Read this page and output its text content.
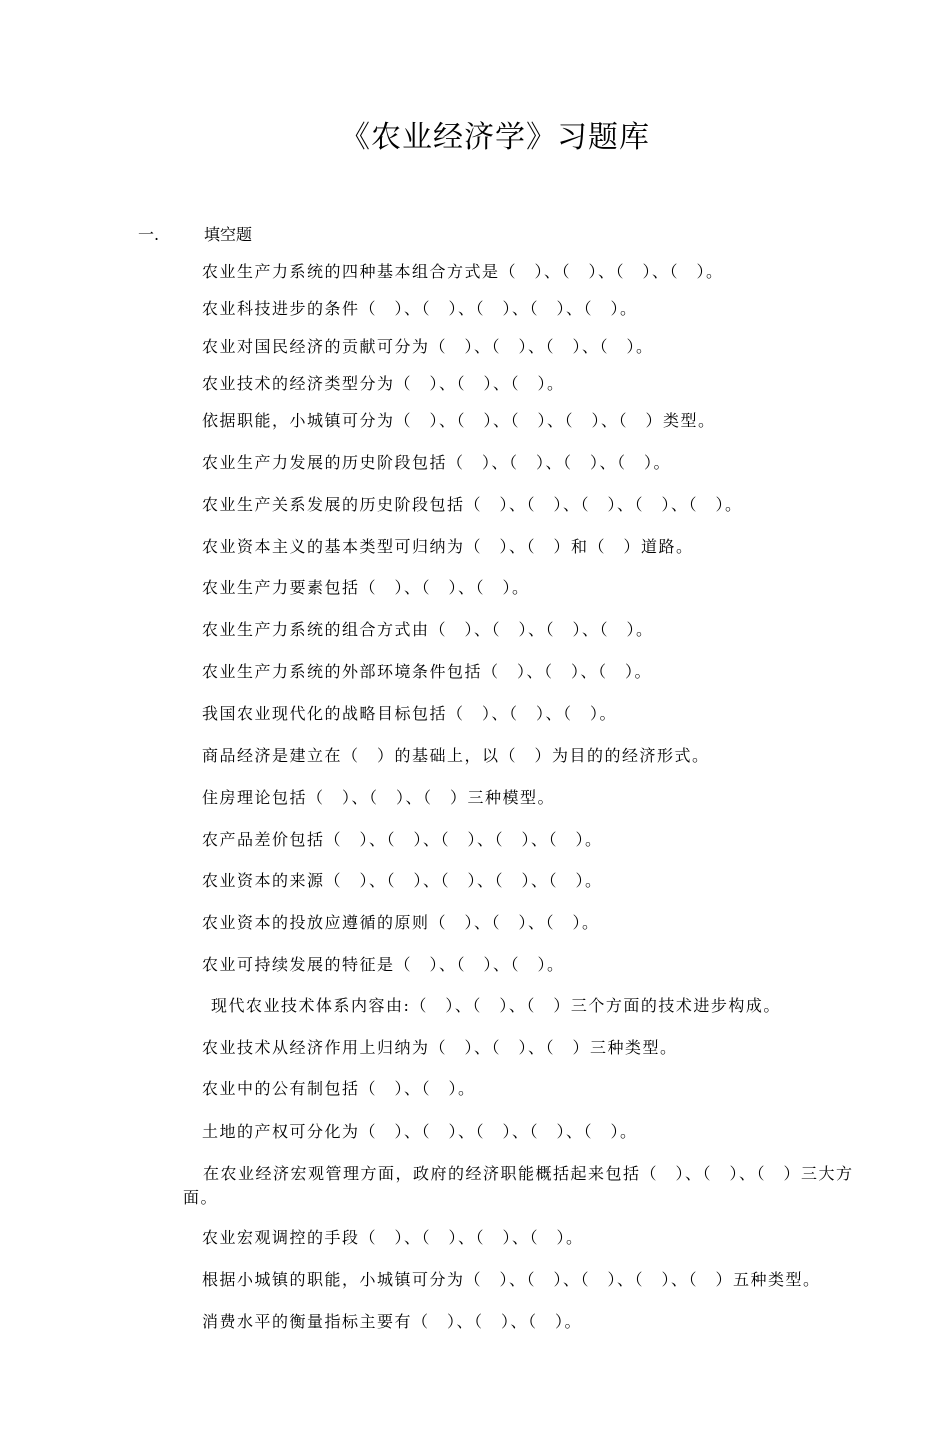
《农业经济学》习题库
一.	填空题
农业生产力系统的四种基本组合方式是（　）、（　）、（　）、（　）。
农业科技进步的条件（　）、（　）、（　）、（　）、（　）。
农业对国民经济的贡献可分为（　）、（　）、（　）、（　）。
农业技术的经济类型分为（　）、（　）、（　）。
依据职能，小城镇可分为（　）、（　）、（　）、（　）、（　）类型。
农业生产力发展的历史阶段包括（　）、（　）、（　）、（　）。
农业生产关系发展的历史阶段包括（　）、（　）、（　）、（　）、（　）。
农业资本主义的基本类型可归纳为（　）、（　）和（　）道路。
农业生产力要素包括（　）、（　）、（　）。
农业生产力系统的组合方式由（　）、（　）、（　）、（　）。
农业生产力系统的外部环境条件包括（　）、（　）、（　）。
我国农业现代化的战略目标包括（　）、（　）、（　）。
商品经济是建立在（　）的基础上，以（　）为目的的经济形式。
住房理论包括（　）、（　）、（　）三种模型。
农产品差价包括（　）、（　）、（　）、（　）、（　）。
农业资本的来源（　）、（　）、（　）、（　）、（　）。
农业资本的投放应遵循的原则（　）、（　）、（　）。
农业可持续发展的特征是（　）、（　）、（　）。
现代农业技术体系内容由:（　）、（　）、（　）三个方面的技术进步构成。
农业技术从经济作用上归纳为（　）、（　）、（　）三种类型。
农业中的公有制包括（　）、（　）。
土地的产权可分化为（　）、（　）、（　）、（　）、（　）。
在农业经济宏观管理方面，政府的经济职能概括起来包括（　）、（　）、（　）三大方面。
农业宏观调控的手段（　）、（　）、（　）、（　）。
根据小城镇的职能，小城镇可分为（　）、（　）、（　）、（　）、（　）五种类型。
消费水平的衡量指标主要有（　）、（　）、（　）。
